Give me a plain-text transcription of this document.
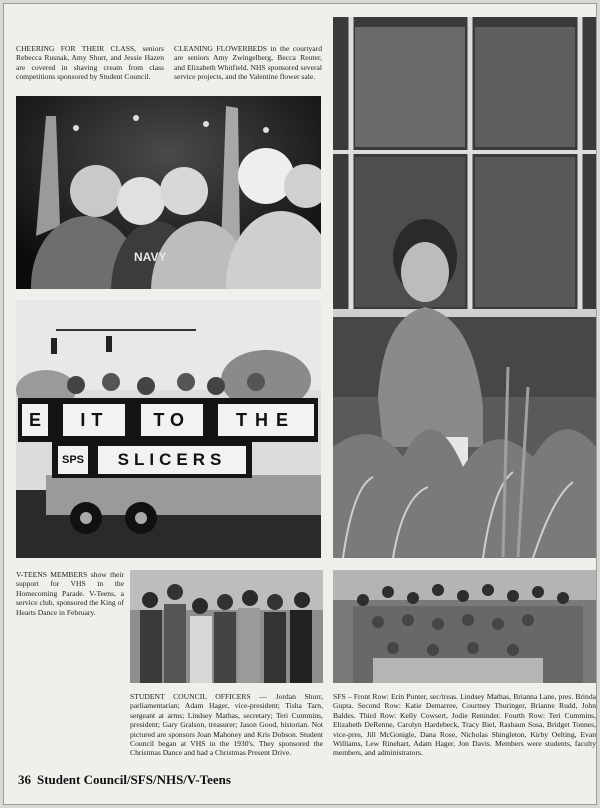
CHEERING FOR THEIR CLASS, seniors Rebecca Rusnak, Amy Shurr, and Jessie Hazen are covered in shaving cream from class competitions sponsored by Student Council.

CLEANING FLOWERBEDS in the courtyard are seniors Amy Zwingelberg, Becca Reuter, and Elizabeth Whitfield. NHS sponsored several service projects, and the Valentine flower sale.

NAVY
E	IT	TO	THE
SPS	SLICERS

V-TEENS MEMBERS show their support for VHS in the Homecoming Parade. V-Teens, a service club, sponsored the King of Hearts Dance in February.

STUDENT COUNCIL OFFICERS — Jordan Shurr, parliamentarian; Adam Hager, vice-president; Tisha Tarn, sergeant at arms; Lindsey Mathas, secretary; Teri Cummins, president; Gary Gralson, treasurer; Jason Good, historian. Not pictured are sponsors Joan Mahoney and Kris Dobson. Student Council began at VHS in the 1930's. They sponsored the Christmas Dance and had a Christmas Present Drive.

SFS – Front Row: Erin Punter, sec/treas. Lindsey Mathas, Brianna Lane, pres. Brinda Gupta. Second Row: Katie Demarree, Courtney Thuringer, Brianne Rudd, John Baldes. Third Row: Kelly Cowsert, Jodie Reninder. Fourth Row: Teri Cummins, Elizabeth DeRenne, Carolyn Hardebeck, Tracy Biel, Rashaun Sosa, Bridget Tonnes, vice-pres, Jill McGonigle, Dana Rose, Nicholas Shingleton, Kirby Oelting, Evan Williams, Lew Rinehart, Adam Hager, Jon Davis. Members were students, faculty members, and administrators.

36 Student Council/SFS/NHS/V-Teens
